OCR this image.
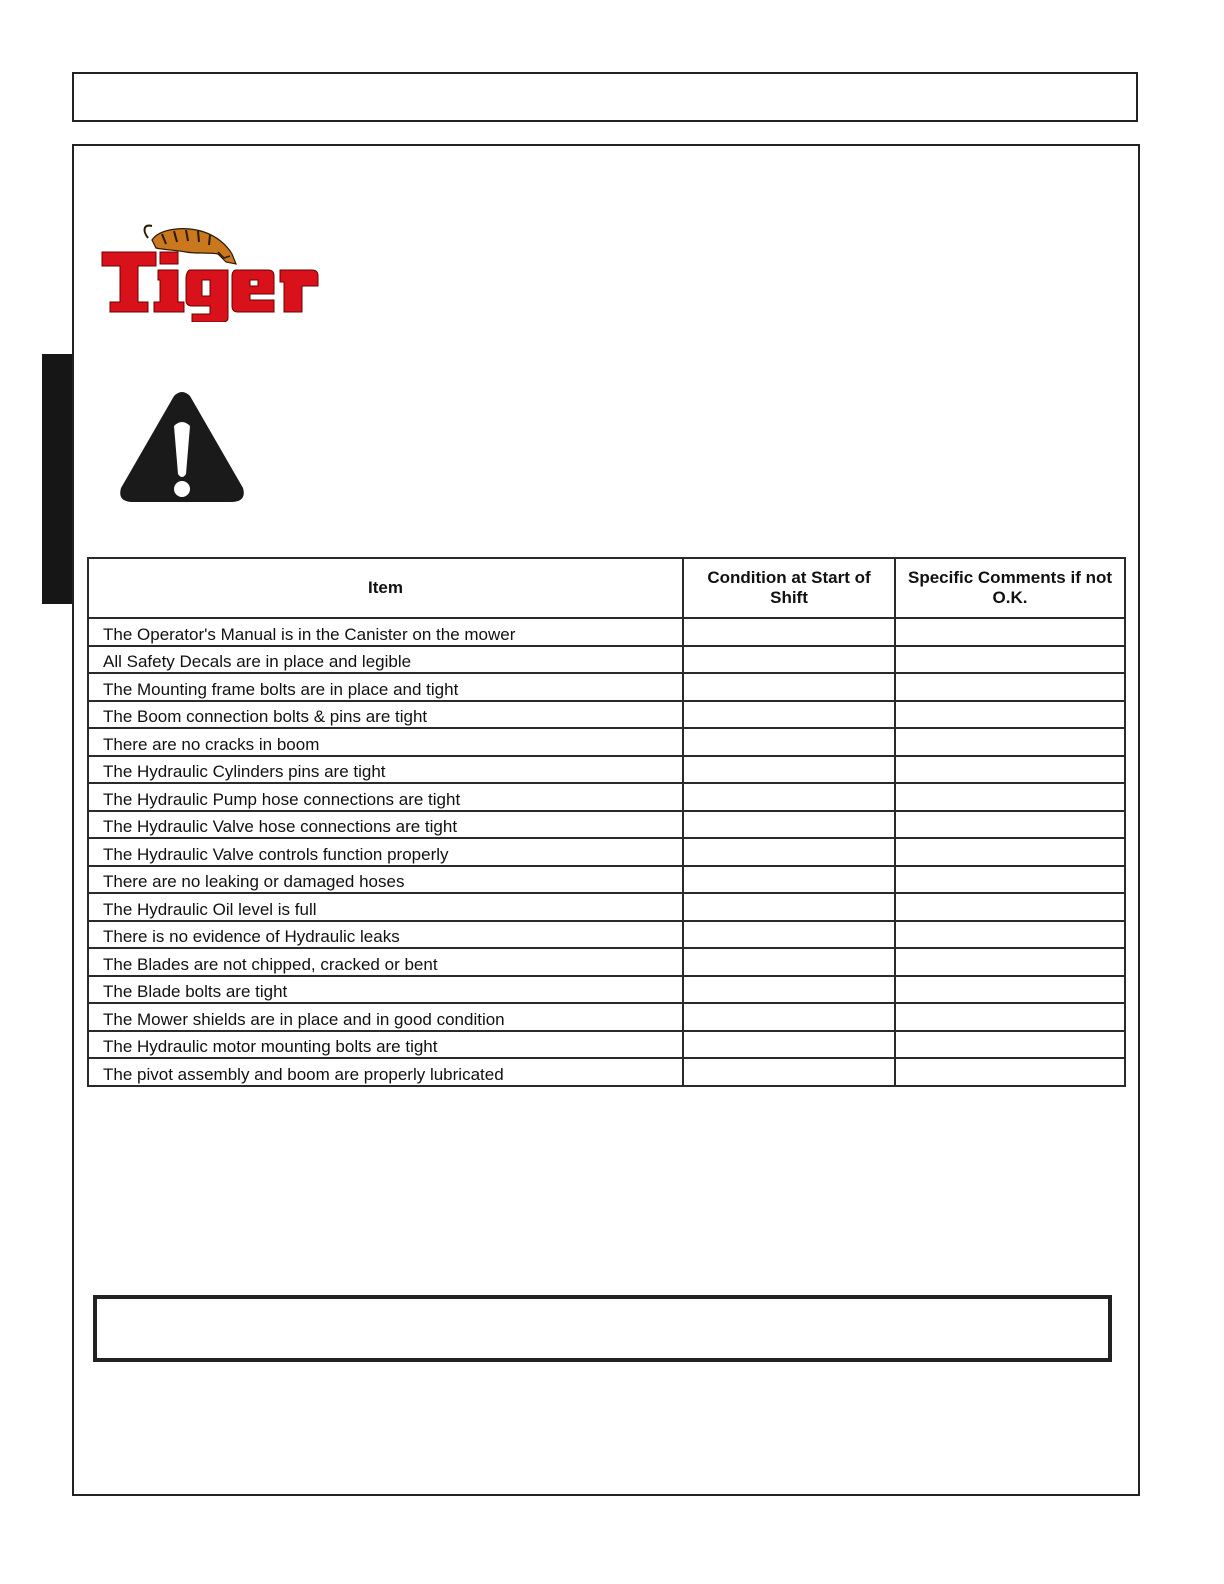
Item	Condition at Start of Shift	Specific Comments if not O.K.
The Operator's Manual is in the Canister on the mower		
All Safety Decals are in place and legible		
The Mounting frame bolts are in place and tight		
The Boom connection bolts & pins are tight		
There are no cracks in boom		
The Hydraulic Cylinders pins are tight		
The Hydraulic Pump hose connections are tight		
The Hydraulic Valve hose connections are tight		
The Hydraulic Valve controls function properly		
There are no leaking or damaged hoses		
The Hydraulic Oil level is full		
There is no evidence of Hydraulic leaks		
The Blades are not chipped, cracked or bent		
The Blade bolts are tight		
The Mower shields are in place and in good condition		
The Hydraulic motor mounting bolts are tight		
The pivot assembly and boom are properly lubricated		
